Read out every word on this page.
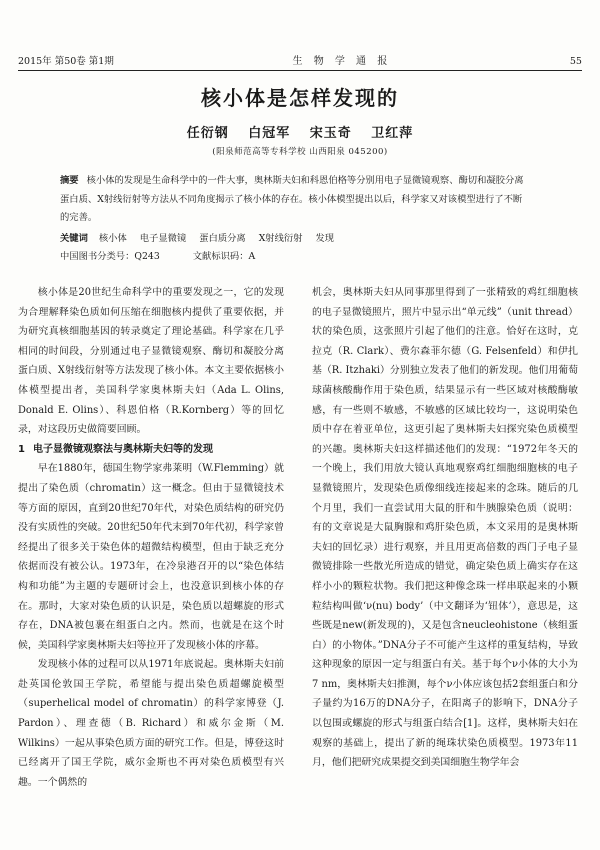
2015年 第50卷 第1期	生 物 学 通 报	55
核小体是怎样发现的
任衍钢 白冠军 宋玉奇 卫红萍
(阳泉师范高等专科学校 山西阳泉 045200)
摘要 核小体的发现是生命科学中的一件大事，奥林斯夫妇和科恩伯格等分别用电子显微镜观察、酶切和凝胶分离蛋白质、X射线衍射等方法从不同角度揭示了核小体的存在。核小体模型提出以后，科学家又对该模型进行了不断的完善。
关键词 核小体 电子显微镜 蛋白质分离 X射线衍射 发现
中国图书分类号：Q243	文献标识码：A

核小体是20世纪生命科学中的重要发现之一，它的发现为合理解释染色质如何压缩在细胞核内提供了重要依据，并为研究真核细胞基因的转录奠定了理论基础。科学家在几乎相同的时间段，分别通过电子显微镜观察、酶切和凝胶分离蛋白质、X射线衍射等方法发现了核小体。本文主要依据核小体模型提出者，美国科学家奥林斯夫妇（Ada L. Olins, Donald E. Olins）、科恩伯格（R.Kornberg）等的回忆录，对这段历史做简要回顾。

1 电子显微镜观察法与奥林斯夫妇等的发现

早在1880年，德国生物学家弗莱明（W.Flemming）就提出了染色质（chromatin）这一概念。但由于显微镜技术等方面的原因，直到20世纪70年代，对染色质结构的研究仍没有实质性的突破。20世纪50年代末到70年代初，科学家曾经提出了很多关于染色体的超微结构模型，但由于缺乏充分依据而没有被公认。1973年，在冷泉港召开的以“染色体结构和功能”为主题的专题研讨会上，也没意识到核小体的存在。那时，大家对染色质的认识是，染色质以超螺旋的形式存在，DNA被包裹在组蛋白之内。然而，也就是在这个时候，美国科学家奥林斯夫妇等拉开了发现核小体的序幕。

发现核小体的过程可以从1971年底说起。奥林斯夫妇前赴英国伦敦国王学院，希望能与提出染色质超螺旋模型（superhelical model of chromatin）的科学家博登（J. Pardon）、理查德（B. Richard）和威尔金斯（M. Wilkins）一起从事染色质方面的研究工作。但是，博登这时已经离开了国王学院，威尔金斯也不再对染色质模型有兴趣。一个偶然的

机会，奥林斯夫妇从同事那里得到了一张精致的鸡红细胞核的电子显微镜照片，照片中显示出“单元线”（unit thread）状的染色质，这张照片引起了他们的注意。恰好在这时，克拉克（R. Clark）、费尔森菲尔德（G. Felsenfeld）和伊扎基（R. Itzhaki）分别独立发表了他们的新发现。他们用葡萄球菌核酸酶作用于染色质，结果显示有一些区域对核酸酶敏感，有一些则不敏感，不敏感的区域比较均一，这说明染色质中存在着亚单位，这更引起了奥林斯夫妇探究染色质模型的兴趣。奥林斯夫妇这样描述他们的发现：“1972年冬天的一个晚上，我们用放大镜认真地观察鸡红细胞细胞核的电子显微镜照片，发现染色质像细线连接起来的念珠。随后的几个月里，我们一直尝试用大鼠的肝和牛胰腺染色质（说明：有的文章说是大鼠胸腺和鸡肝染色质，本文采用的是奥林斯夫妇的回忆录）进行观察，并且用更高倍数的西门子电子显微镜排除一些散光所造成的错觉，确定染色质上确实存在这样小小的颗粒状物。我们把这种像念珠一样串联起来的小颗粒结构叫做‘ν(nu) body’（中文翻译为‘钮体’），意思是，这些既是new(新发现的)，又是包含neucleohistone（核组蛋白）的小物体。”DNA分子不可能产生这样的重复结构，导致这种现象的原因一定与组蛋白有关。基于每个ν小体的大小为7 nm，奥林斯夫妇推测，每个ν小体应该包括2套组蛋白和分子量约为16万的DNA分子，在阳离子的影响下，DNA分子以包围或螺旋的形式与组蛋白结合[1]。这样，奥林斯夫妇在观察的基础上，提出了新的绳珠状染色质模型。1973年11月，他们把研究成果提交到美国细胞生物学年会
